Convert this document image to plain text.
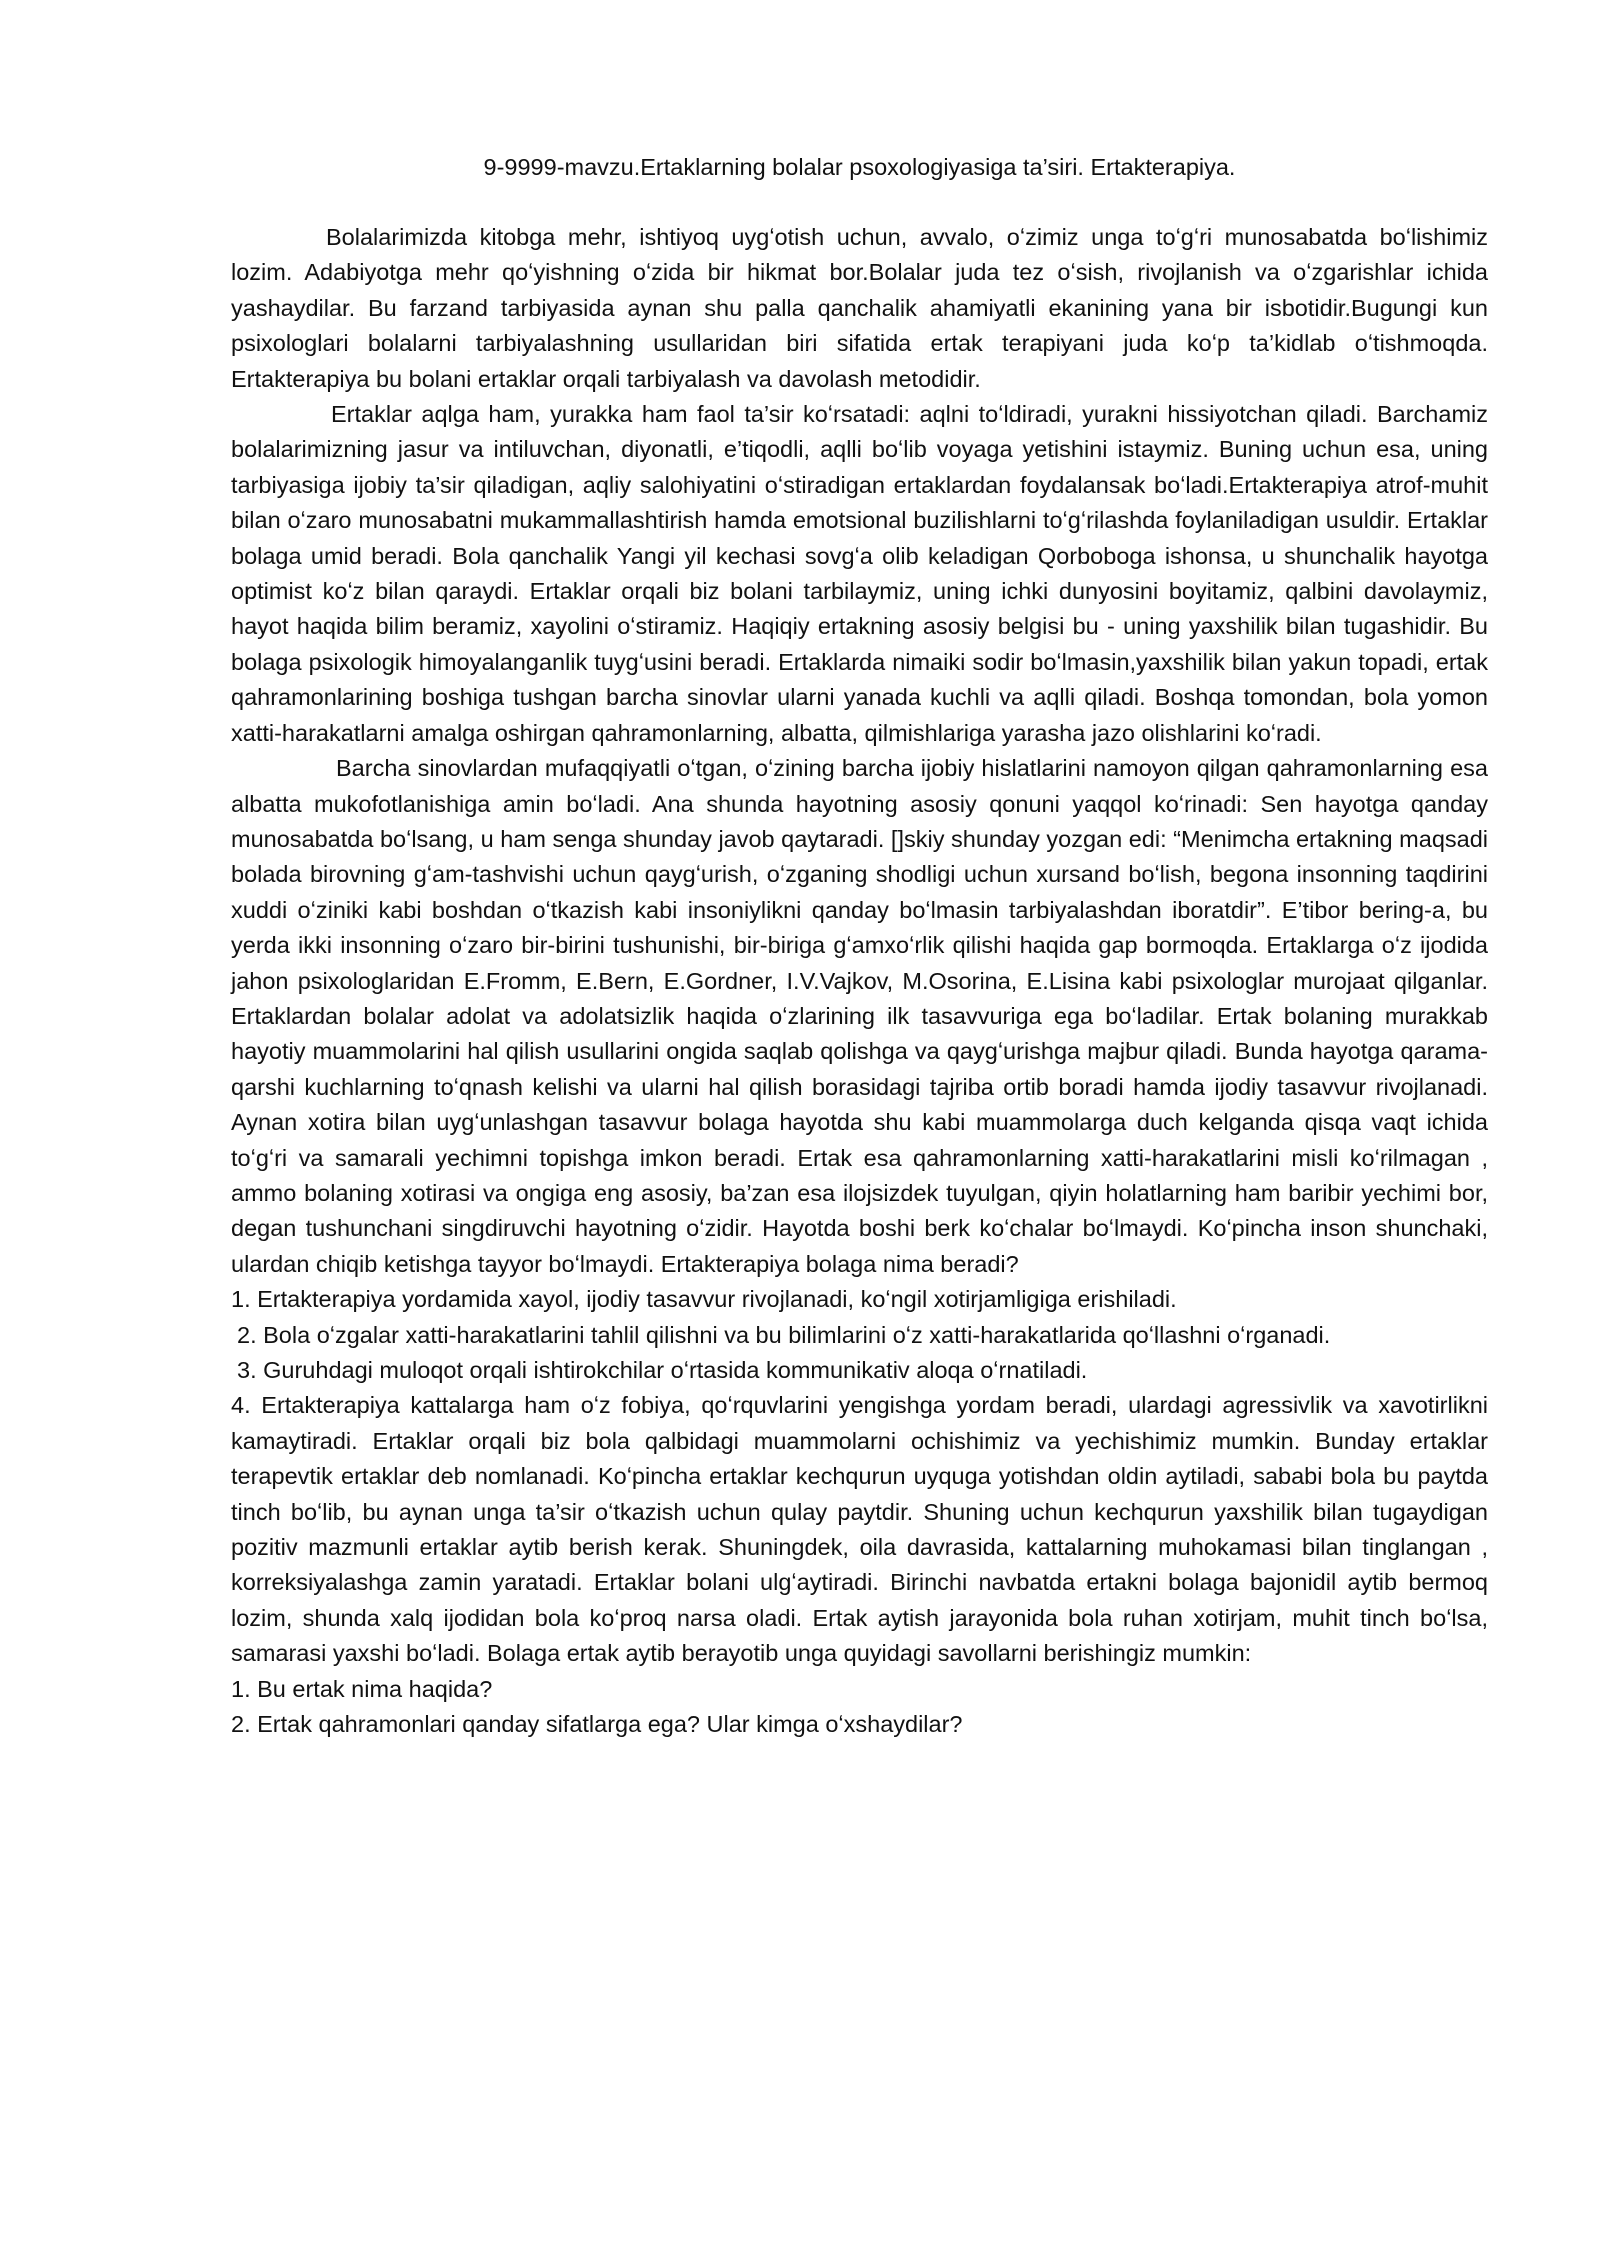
9-9999-mavzu.Ertaklarning bolalar psoxologiyasiga ta’siri. Ertakterapiya.

Bolalarimizda kitobga mehr, ishtiyoq uygʻotish uchun, avvalo, oʻzimiz unga toʻgʻri munosabatda boʻlishimiz lozim. Adabiyotga mehr qoʻyishning oʻzida bir hikmat bor.Bolalar juda tez oʻsish, rivojlanish va oʻzgarishlar ichida yashaydilar. Bu farzand tarbiyasida aynan shu palla qanchalik ahamiyatli ekanining yana bir isbotidir.Bugungi kun psixologlari bolalarni tarbiyalashning usullaridan biri sifatida ertak terapiyani juda koʻp ta’kidlab oʻtishmoqda. Ertakterapiya bu bolani ertaklar orqali tarbiyalash va davolash metodidir.

Ertaklar aqlga ham, yurakka ham faol ta’sir koʻrsatadi: aqlni toʻldiradi, yurakni hissiyotchan qiladi. Barchamiz bolalarimizning jasur va intiluvchan, diyonatli, e’tiqodli, aqlli boʻlib voyaga yetishini istaymiz. Buning uchun esa, uning tarbiyasiga ijobiy ta’sir qiladigan, aqliy salohiyatini oʻstiradigan ertaklardan foydalansak boʻladi.Ertakterapiya atrof-muhit bilan oʻzaro munosabatni mukammallashtirish hamda emotsional buzilishlarni toʻgʻrilashda foylaniladigan usuldir. Ertaklar bolaga umid beradi. Bola qanchalik Yangi yil kechasi sovgʻa olib keladigan Qorboboga ishonsa, u shunchalik hayotga optimist koʻz bilan qaraydi. Ertaklar orqali biz bolani tarbilaymiz, uning ichki dunyosini boyitamiz, qalbini davolaymiz, hayot haqida bilim beramiz, xayolini oʻstiramiz. Haqiqiy ertakning asosiy belgisi bu - uning yaxshilik bilan tugashidir. Bu bolaga psixologik himoyalanganlik tuygʻusini beradi. Ertaklarda nimaiki sodir boʻlmasin,yaxshilik bilan yakun topadi, ertak qahramonlarining boshiga tushgan barcha sinovlar ularni yanada kuchli va aqlli qiladi. Boshqa tomondan, bola yomon xatti-harakatlarni amalga oshirgan qahramonlarning, albatta, qilmishlariga yarasha jazo olishlarini koʻradi.

Barcha sinovlardan mufaqqiyatli oʻtgan, oʻzining barcha ijobiy hislatlarini namoyon qilgan qahramonlarning esa albatta mukofotlanishiga amin boʻladi. Ana shunda hayotning asosiy qonuni yaqqol koʻrinadi: Sen hayotga qanday munosabatda boʻlsang, u ham senga shunday javob qaytaradi. []skiy shunday yozgan edi: “Menimcha ertakning maqsadi bolada birovning gʻam-tashvishi uchun qaygʻurish, oʻzganing shodligi uchun xursand boʻlish, begona insonning taqdirini xuddi oʻziniki kabi boshdan oʻtkazish kabi insoniylikni qanday boʻlmasin tarbiyalashdan iboratdir”. E’tibor bering-a, bu yerda ikki insonning oʻzaro bir-birini tushunishi, bir-biriga gʻamxoʻrlik qilishi haqida gap bormoqda. Ertaklarga oʻz ijodida jahon psixologlaridan E.Fromm, E.Bern, E.Gordner, I.V.Vajkov, M.Osorina, E.Lisina kabi psixologlar murojaat qilganlar. Ertaklardan bolalar adolat va adolatsizlik haqida oʻzlarining ilk tasavvuriga ega boʻladilar. Ertak bolaning murakkab hayotiy muammolarini hal qilish usullarini ongida saqlab qolishga va qaygʻurishga majbur qiladi. Bunda hayotga qarama-qarshi kuchlarning toʻqnash kelishi va ularni hal qilish borasidagi tajriba ortib boradi hamda ijodiy tasavvur rivojlanadi. Aynan xotira bilan uygʻunlashgan tasavvur bolaga hayotda shu kabi muammolarga duch kelganda qisqa vaqt ichida toʻgʻri va samarali yechimni topishga imkon beradi. Ertak esa qahramonlarning xatti-harakatlarini misli koʻrilmagan , ammo bolaning xotirasi va ongiga eng asosiy, ba’zan esa ilojsizdek tuyulgan, qiyin holatlarning ham baribir yechimi bor, degan tushunchani singdiruvchi hayotning oʻzidir. Hayotda boshi berk koʻchalar boʻlmaydi. Koʻpincha inson shunchaki, ulardan chiqib ketishga tayyor boʻlmaydi. Ertakterapiya bolaga nima beradi?

1. Ertakterapiya yordamida xayol, ijodiy tasavvur rivojlanadi, koʻngil xotirjamligiga erishiladi.

2. Bola oʻzgalar xatti-harakatlarini tahlil qilishni va bu bilimlarini oʻz xatti-harakatlarida qoʻllashni oʻrganadi.

3. Guruhdagi muloqot orqali ishtirokchilar oʻrtasida kommunikativ aloqa oʻrnatiladi.

4. Ertakterapiya kattalarga ham oʻz fobiya, qoʻrquvlarini yengishga yordam beradi, ulardagi agressivlik va xavotirlikni kamaytiradi. Ertaklar orqali biz bola qalbidagi muammolarni ochishimiz va yechishimiz mumkin. Bunday ertaklar terapevtik ertaklar deb nomlanadi. Koʻpincha ertaklar kechqurun uyquga yotishdan oldin aytiladi, sababi bola bu paytda tinch boʻlib, bu aynan unga ta’sir oʻtkazish uchun qulay paytdir. Shuning uchun kechqurun yaxshilik bilan tugaydigan pozitiv mazmunli ertaklar aytib berish kerak. Shuningdek, oila davrasida, kattalarning muhokamasi bilan tinglangan , korreksiyalashga zamin yaratadi. Ertaklar bolani ulgʻaytiradi. Birinchi navbatda ertakni bolaga bajonidil aytib bermoq lozim, shunda xalq ijodidan bola koʻproq narsa oladi. Ertak aytish jarayonida bola ruhan xotirjam, muhit tinch boʻlsa, samarasi yaxshi boʻladi. Bolaga ertak aytib berayotib unga quyidagi savollarni berishingiz mumkin:

1. Bu ertak nima haqida?

2. Ertak qahramonlari qanday sifatlarga ega? Ular kimga oʻxshaydilar?
